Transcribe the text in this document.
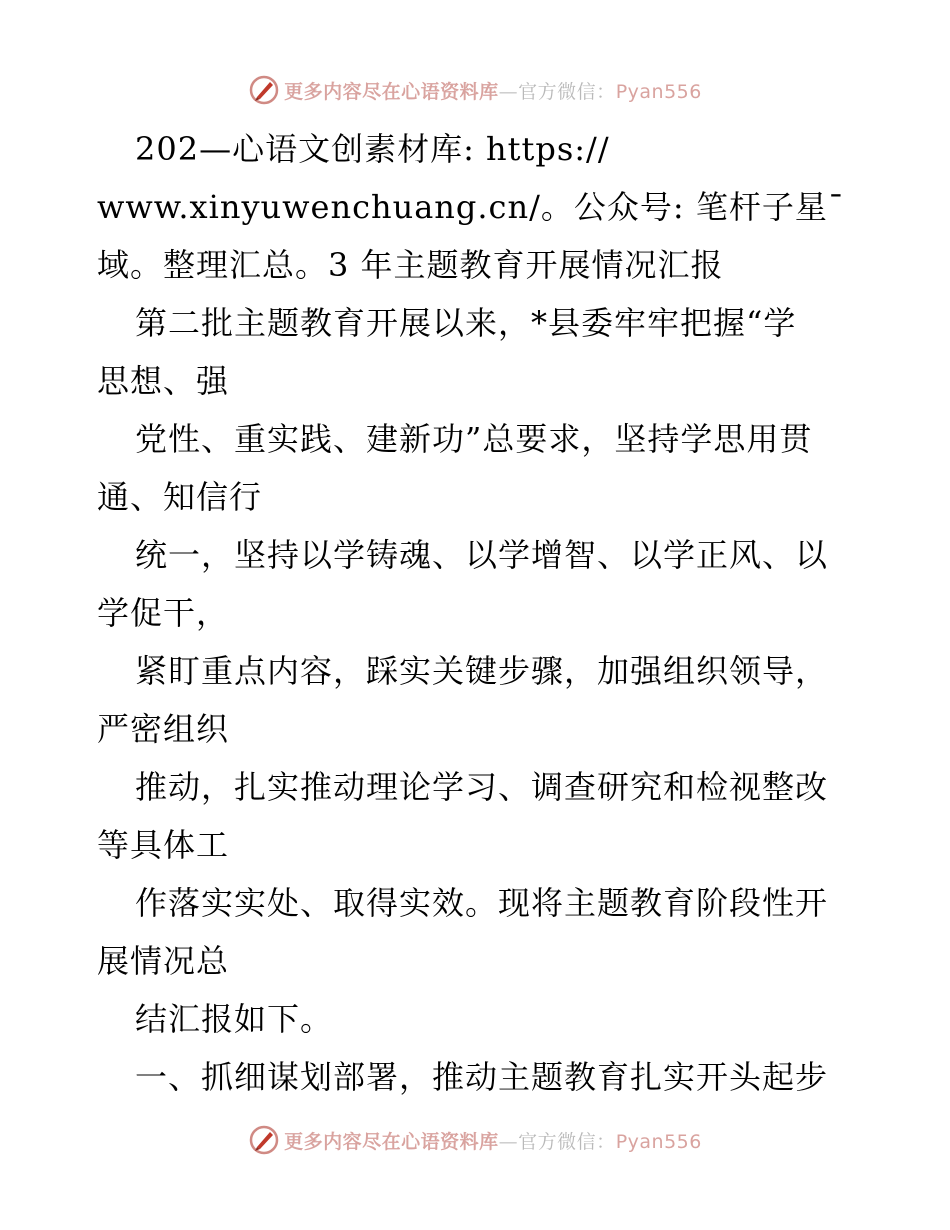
更多内容尽在心语资料库—官方微信：Pyan556
202—心语文创素材库: https://
www.xinyuwenchuang.cn/。公众号: 笔杆子星¯
域。整理汇总。3 年主题教育开展情况汇报
第二批主题教育开展以来，*县委牢牢把握“学
思想、强
党性、重实践、建新功”总要求，坚持学思用贯
通、知信行
统一，坚持以学铸魂、以学增智、以学正风、以
学促干，
紧盯重点内容，踩实关键步骤，加强组织领导，
严密组织
推动，扎实推动理论学习、调查研究和检视整改
等具体工
作落实实处、取得实效。现将主题教育阶段性开
展情况总
结汇报如下。
一、抓细谋划部署，推动主题教育扎实开头起步
更多内容尽在心语资料库—官方微信：Pyan556
